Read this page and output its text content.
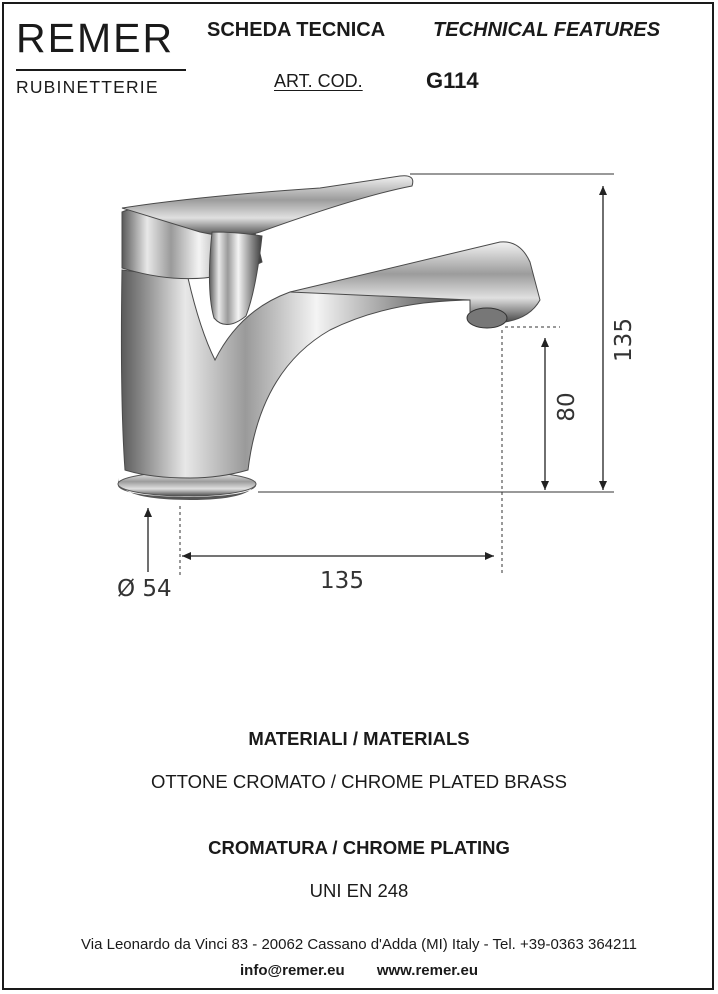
REMER
RUBINETTERIE
SCHEDA TECNICA TECHNICAL FEATURES
ART. COD.	G114
135
80
135
Ø 54
MATERIALI / MATERIALS
OTTONE CROMATO / CHROME PLATED BRASS
CROMATURA / CHROME PLATING
UNI EN 248
Via Leonardo da Vinci 83 - 20062 Cassano d'Adda (MI) Italy - Tel. +39-0363 364211
info@remer.eu www.remer.eu
